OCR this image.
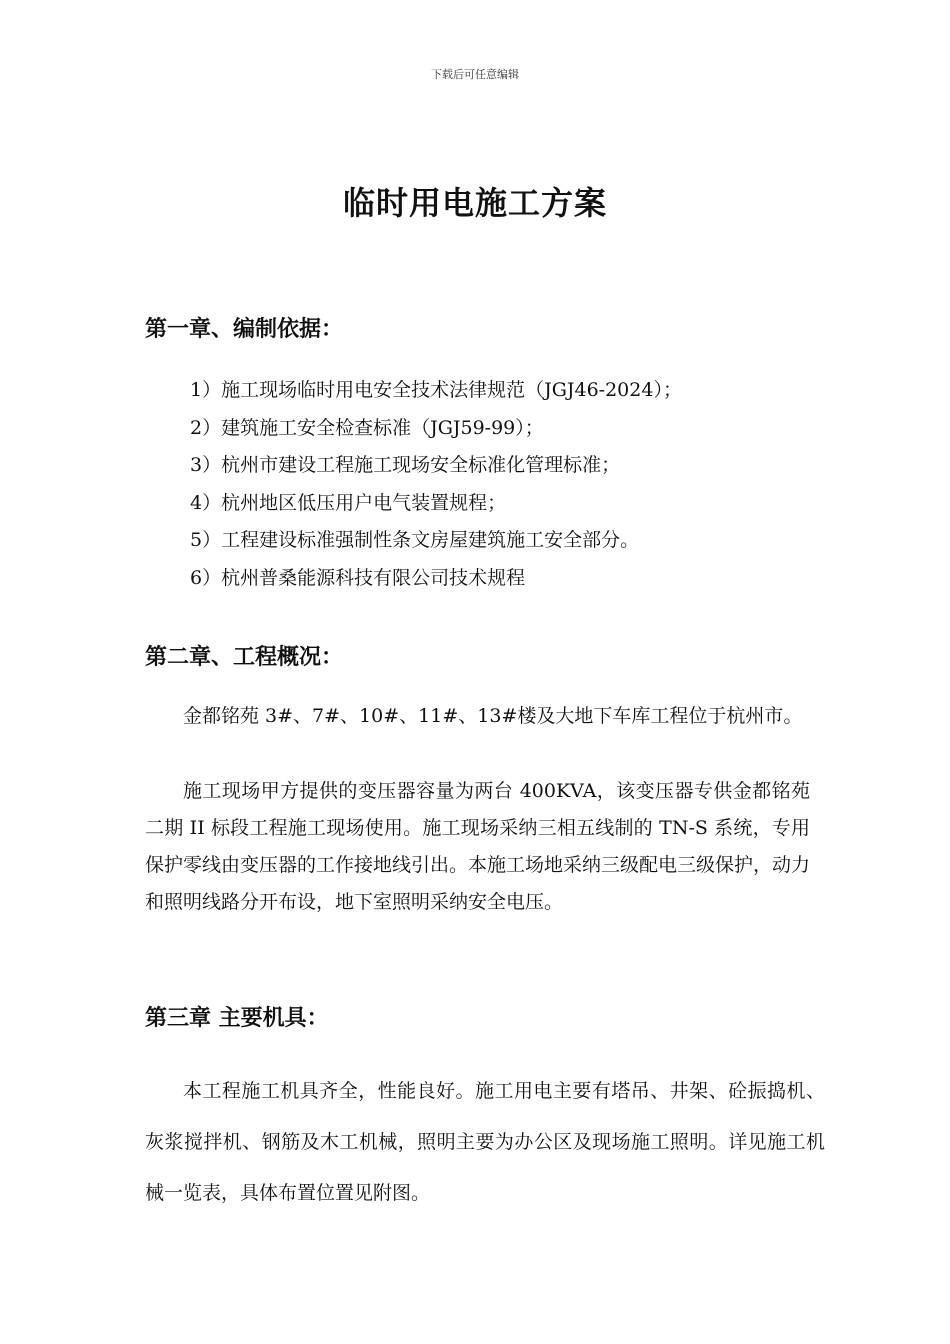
下载后可任意编辑
临时用电施工方案
第一章、编制依据：
1）施工现场临时用电安全技术法律规范（JGJ46-2024）；
2）建筑施工安全检查标准（JGJ59-99）；
3）杭州市建设工程施工现场安全标准化管理标准；
4）杭州地区低压用户电气装置规程；
5）工程建设标准强制性条文房屋建筑施工安全部分。
6）杭州普桑能源科技有限公司技术规程
第二章、工程概况：

金都铭苑 3#、7#、10#、11#、13#楼及大地下车库工程位于杭州市。

施工现场甲方提供的变压器容量为两台 400KVA，该变压器专供金都铭苑二期 II 标段工程施工现场使用。施工现场采纳三相五线制的 TN-S 系统，专用保护零线由变压器的工作接地线引出。本施工场地采纳三级配电三级保护，动力和照明线路分开布设，地下室照明采纳安全电压。

第三章 主要机具：

本工程施工机具齐全，性能良好。施工用电主要有塔吊、井架、砼振捣机、灰浆搅拌机、钢筋及木工机械，照明主要为办公区及现场施工照明。详见施工机械一览表，具体布置位置见附图。
